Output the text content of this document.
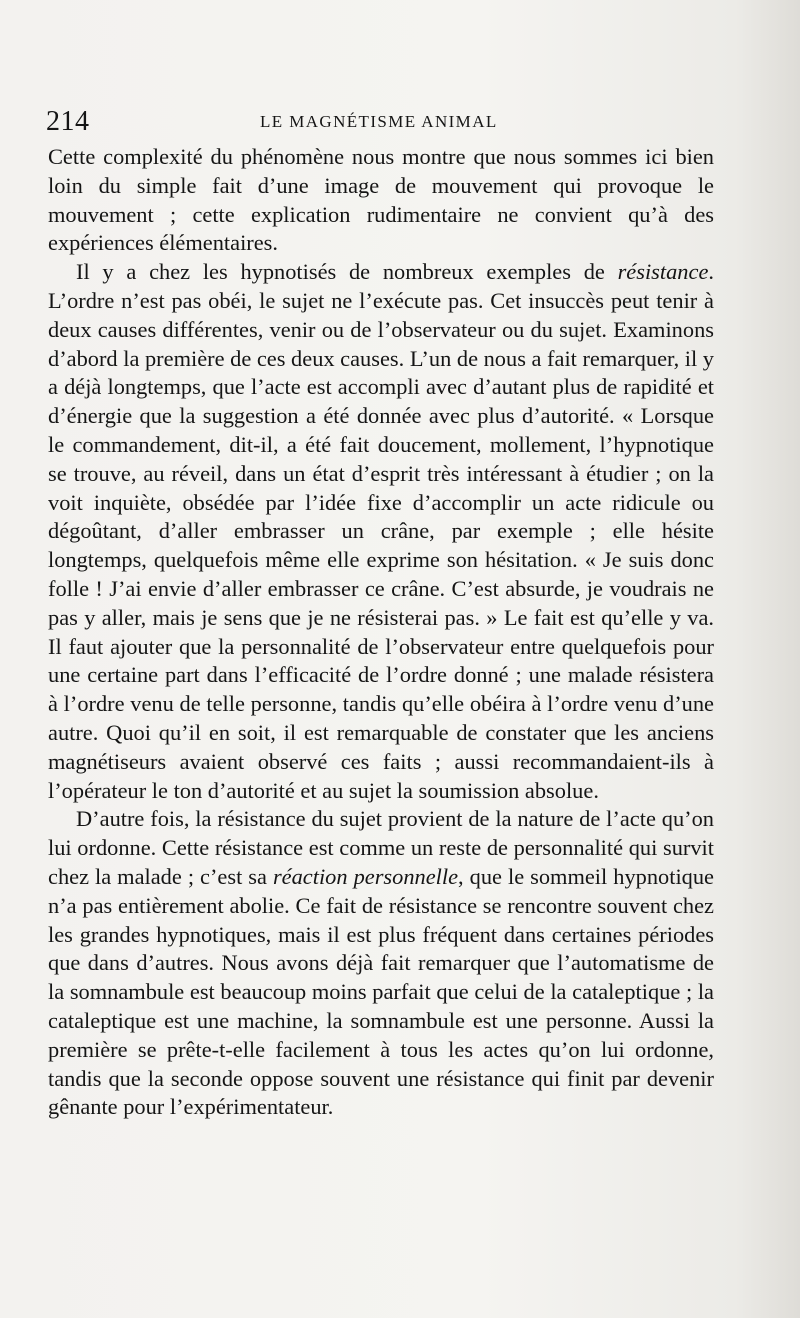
214	LE MAGNÉTISME ANIMAL

Cette complexité du phénomène nous montre que nous sommes ici bien loin du simple fait d’une image de mouvement qui provoque le mouvement ; cette explication rudimentaire ne convient qu’à des expériences élémentaires.

Il y a chez les hypnotisés de nombreux exemples de résistance. L’ordre n’est pas obéi, le sujet ne l’exécute pas. Cet insuccès peut tenir à deux causes différentes, venir ou de l’observateur ou du sujet. Examinons d’abord la première de ces deux causes. L’un de nous a fait remarquer, il y a déjà longtemps, que l’acte est accompli avec d’autant plus de rapidité et d’énergie que la suggestion a été donnée avec plus d’autorité. « Lorsque le commandement, dit-il, a été fait doucement, mollement, l’hypnotique se trouve, au réveil, dans un état d’esprit très intéressant à étudier ; on la voit inquiète, obsédée par l’idée fixe d’accomplir un acte ridicule ou dégoûtant, d’aller embrasser un crâne, par exemple ; elle hésite longtemps, quelquefois même elle exprime son hésitation. « Je suis donc folle ! J’ai envie d’aller embrasser ce crâne. C’est absurde, je voudrais ne pas y aller, mais je sens que je ne résisterai pas. » Le fait est qu’elle y va. Il faut ajouter que la personnalité de l’observateur entre quelquefois pour une certaine part dans l’efficacité de l’ordre donné ; une malade résistera à l’ordre venu de telle personne, tandis qu’elle obéira à l’ordre venu d’une autre. Quoi qu’il en soit, il est remarquable de constater que les anciens magnétiseurs avaient observé ces faits ; aussi recommandaient-ils à l’opérateur le ton d’autorité et au sujet la soumission absolue.

D’autre fois, la résistance du sujet provient de la nature de l’acte qu’on lui ordonne. Cette résistance est comme un reste de personnalité qui survit chez la malade ; c’est sa réaction personnelle, que le sommeil hypnotique n’a pas entièrement abolie. Ce fait de résistance se rencontre souvent chez les grandes hypnotiques, mais il est plus fréquent dans certaines périodes que dans d’autres. Nous avons déjà fait remarquer que l’automatisme de la somnambule est beaucoup moins parfait que celui de la cataleptique ; la cataleptique est une machine, la somnambule est une personne. Aussi la première se prête-t-elle facilement à tous les actes qu’on lui ordonne, tandis que la seconde oppose souvent une résistance qui finit par devenir gênante pour l’expérimentateur.
